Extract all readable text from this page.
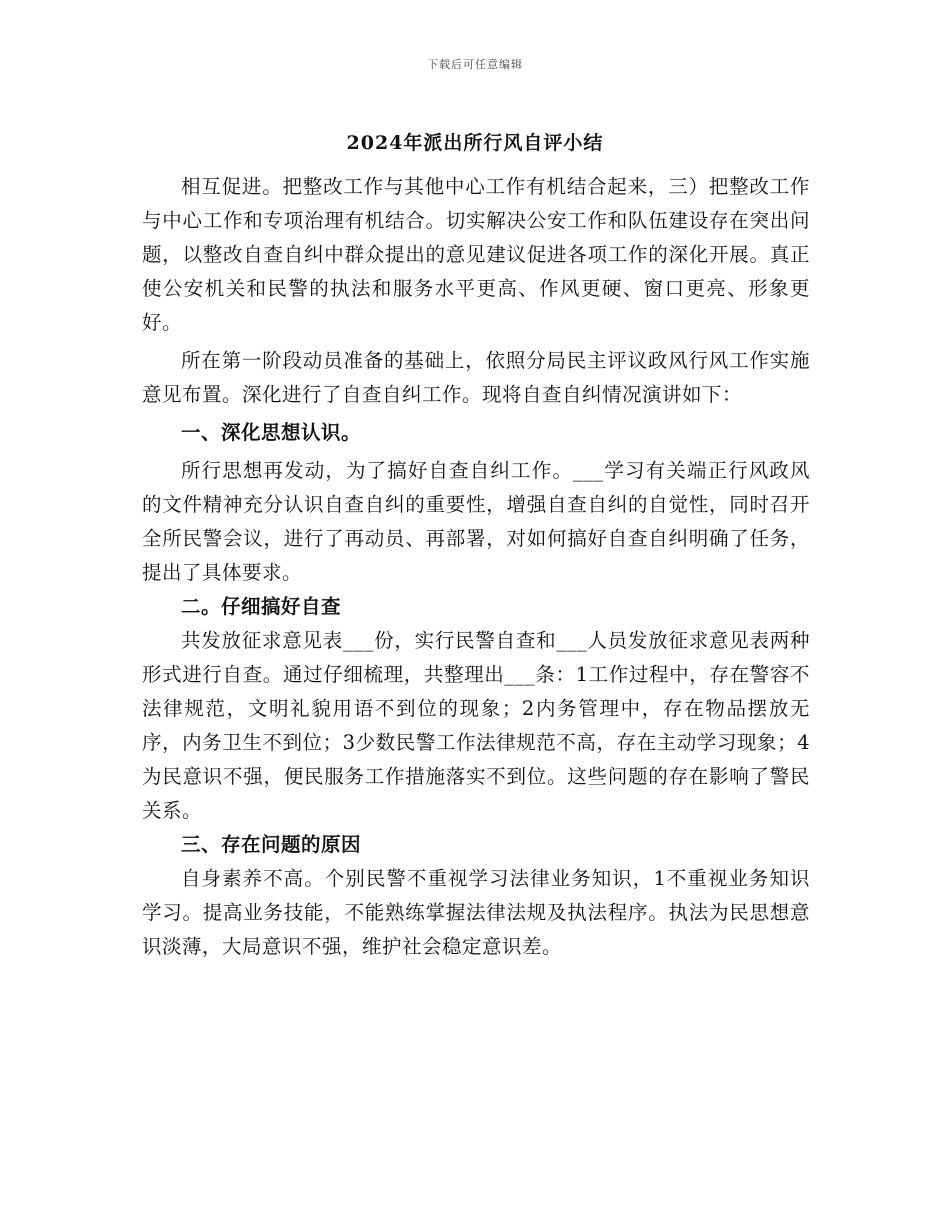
下载后可任意编辑
2024年派出所行风自评小结

相互促进。把整改工作与其他中心工作有机结合起来，三）把整改工作与中心工作和专项治理有机结合。切实解决公安工作和队伍建设存在突出问题，以整改自查自纠中群众提出的意见建议促进各项工作的深化开展。真正使公安机关和民警的执法和服务水平更高、作风更硬、窗口更亮、形象更好。

所在第一阶段动员准备的基础上，依照分局民主评议政风行风工作实施意见布置。深化进行了自查自纠工作。现将自查自纠情况演讲如下：

一、深化思想认识。

所行思想再发动，为了搞好自查自纠工作。___学习有关端正行风政风的文件精神充分认识自查自纠的重要性，增强自查自纠的自觉性，同时召开全所民警会议，进行了再动员、再部署，对如何搞好自查自纠明确了任务，提出了具体要求。

二。仔细搞好自查

共发放征求意见表___份，实行民警自查和___人员发放征求意见表两种形式进行自查。通过仔细梳理，共整理出___条：1工作过程中，存在警容不法律规范，文明礼貌用语不到位的现象；2内务管理中，存在物品摆放无序，内务卫生不到位；3少数民警工作法律规范不高，存在主动学习现象；4为民意识不强，便民服务工作措施落实不到位。这些问题的存在影响了警民关系。

三、存在问题的原因

自身素养不高。个别民警不重视学习法律业务知识，1不重视业务知识学习。提高业务技能，不能熟练掌握法律法规及执法程序。执法为民思想意识淡薄，大局意识不强，维护社会稳定意识差。
